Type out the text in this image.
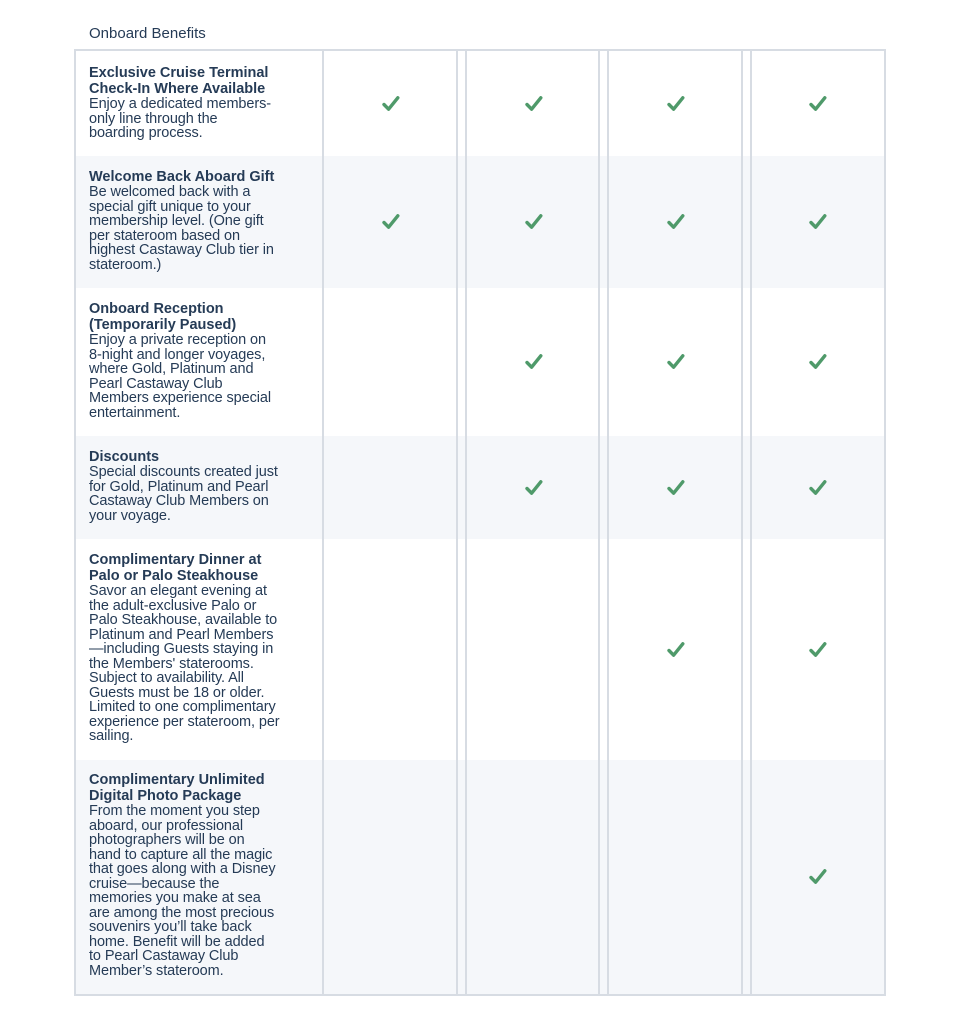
Onboard Benefits
Exclusive Cruise Terminal
Check-In Where Available
Enjoy a dedicated members-
only line through the
boarding process.
Welcome Back Aboard Gift
Be welcomed back with a
special gift unique to your
membership level. (One gift
per stateroom based on
highest Castaway Club tier in
stateroom.)
Onboard Reception
(Temporarily Paused)
Enjoy a private reception on
8-night and longer voyages,
where Gold, Platinum and
Pearl Castaway Club
Members experience special
entertainment.
Discounts
Special discounts created just
for Gold, Platinum and Pearl
Castaway Club Members on
your voyage.
Complimentary Dinner at
Palo or Palo Steakhouse
Savor an elegant evening at
the adult-exclusive Palo or
Palo Steakhouse, available to
Platinum and Pearl Members
—including Guests staying in
the Members' staterooms.
Subject to availability. All
Guests must be 18 or older.
Limited to one complimentary
experience per stateroom, per
sailing.
Complimentary Unlimited
Digital Photo Package
From the moment you step
aboard, our professional
photographers will be on
hand to capture all the magic
that goes along with a Disney
cruise—because the
memories you make at sea
are among the most precious
souvenirs you’ll take back
home. Benefit will be added
to Pearl Castaway Club
Member’s stateroom.
